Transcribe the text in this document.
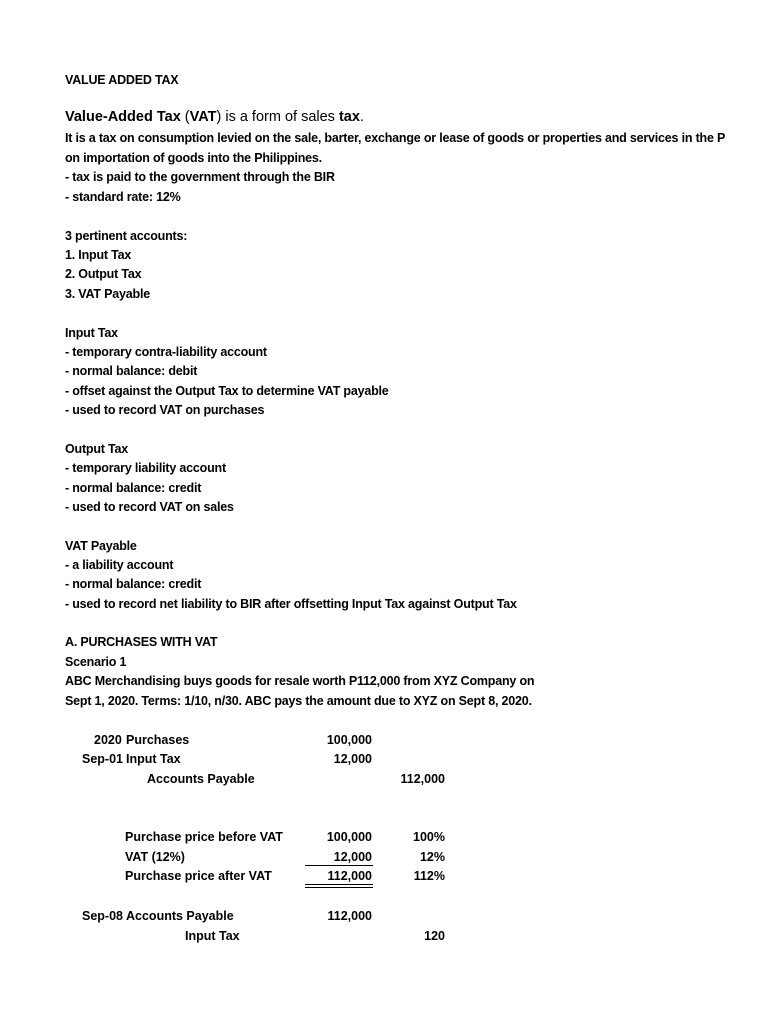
VALUE ADDED TAX
Value-Added Tax (VAT) is a form of sales tax.
It is a tax on consumption levied on the sale, barter, exchange or lease of goods or properties and services in the P
on importation of goods into the Philippines.
- tax is paid to the government through the BIR
- standard rate: 12%
3 pertinent accounts:
1. Input Tax
2. Output Tax
3. VAT Payable
Input Tax
- temporary contra-liability account
- normal balance: debit
- offset against the Output Tax to determine VAT payable
- used to record VAT on purchases
Output Tax
- temporary liability account
- normal balance: credit
- used to record VAT on sales
VAT Payable
- a liability account
- normal balance: credit
- used to record net liability to BIR after offsetting Input Tax against Output Tax
A. PURCHASES WITH VAT
Scenario 1
ABC Merchandising buys goods for resale worth P112,000 from XYZ Company on
Sept 1, 2020. Terms: 1/10, n/30. ABC pays the amount due to XYZ on Sept 8, 2020.
2020 Purchases	100,000
Sep-01 Input Tax	12,000
Accounts Payable	112,000
Purchase price before VAT	100,000	100%
VAT (12%)	12,000	12%
Purchase price after VAT	112,000	112%
Sep-08 Accounts Payable	112,000
Input Tax	120
